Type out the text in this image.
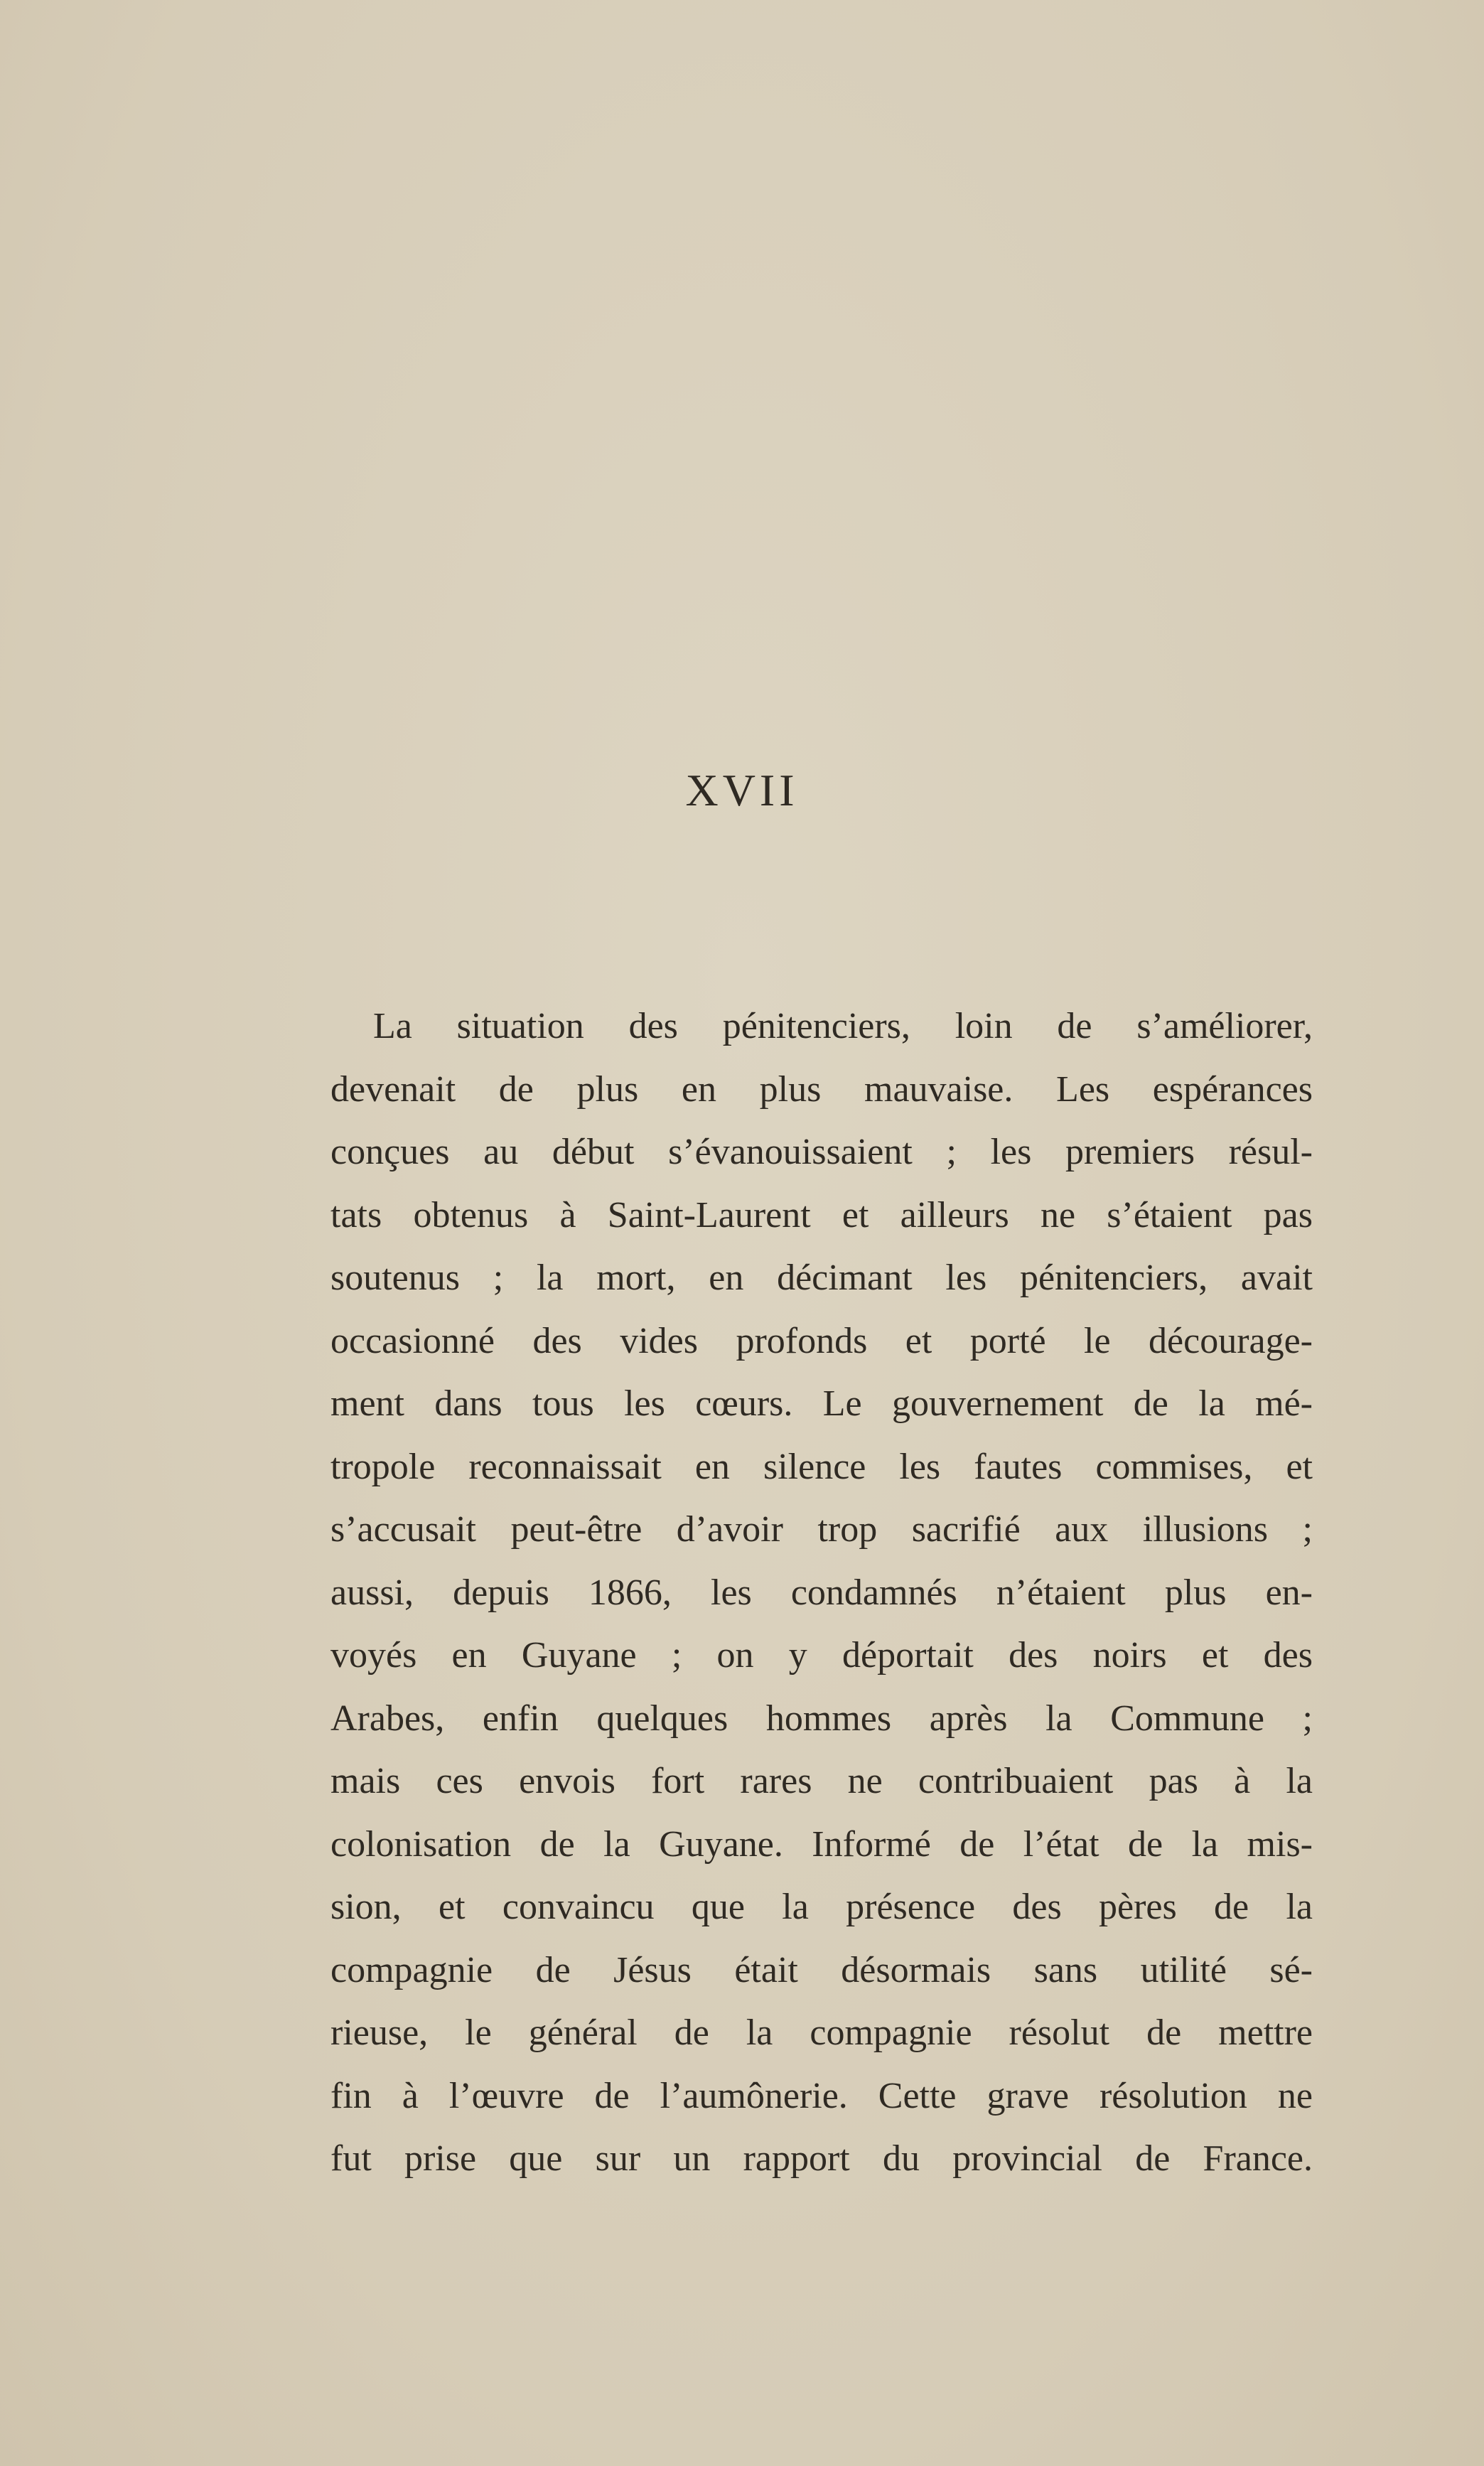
XVII
La situation des pénitenciers, loin de s’améliorer,
devenait de plus en plus mauvaise. Les espérances
conçues au début s’évanouissaient ; les premiers résul-
tats obtenus à Saint-Laurent et ailleurs ne s’étaient pas
soutenus ; la mort, en décimant les pénitenciers, avait
occasionné des vides profonds et porté le décourage-
ment dans tous les cœurs. Le gouvernement de la mé-
tropole reconnaissait en silence les fautes commises, et
s’accusait peut-être d’avoir trop sacrifié aux illusions ;
aussi, depuis 1866, les condamnés n’étaient plus en-
voyés en Guyane ; on y déportait des noirs et des
Arabes, enfin quelques hommes après la Commune ;
mais ces envois fort rares ne contribuaient pas à la
colonisation de la Guyane. Informé de l’état de la mis-
sion, et convaincu que la présence des pères de la
compagnie de Jésus était désormais sans utilité sé-
rieuse, le général de la compagnie résolut de mettre
fin à l’œuvre de l’aumônerie. Cette grave résolution ne
fut prise que sur un rapport du provincial de France.
